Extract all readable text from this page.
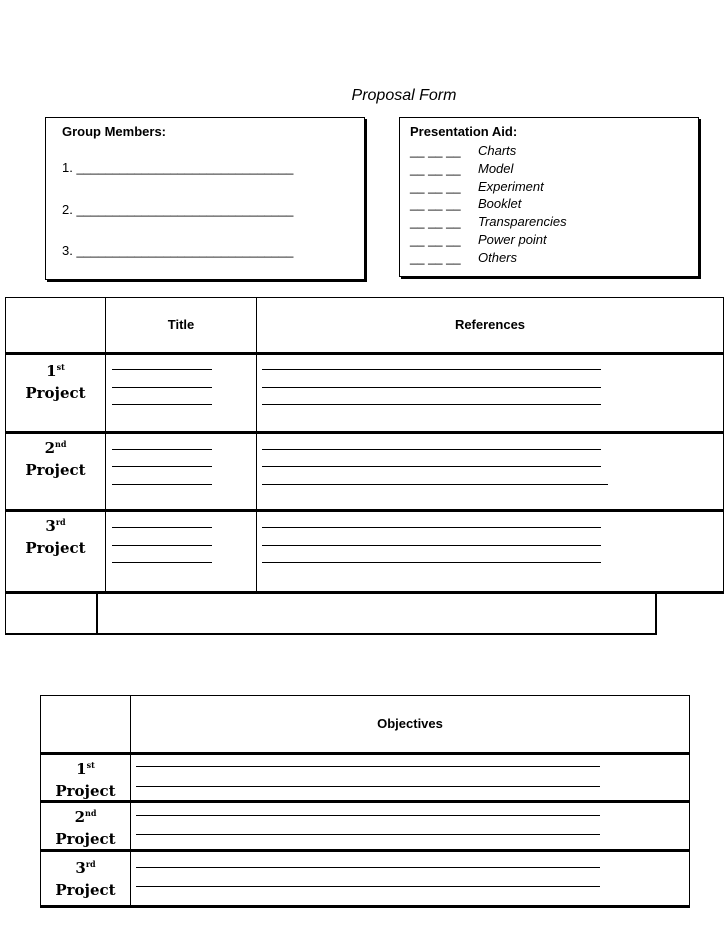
Proposal Form
Group Members:
1. ______________________________
2. ______________________________
3. ______________________________
Presentation Aid:
__ __ __ Charts
__ __ __ Model
__ __ __ Experiment
__ __ __ Booklet
__ __ __ Transparencies
__ __ __ Power point
__ __ __ Others
Title	References
1st
Project
2nd
Project
3rd
Project
Objectives
1st
Project
2nd
Project
3rd
Project
